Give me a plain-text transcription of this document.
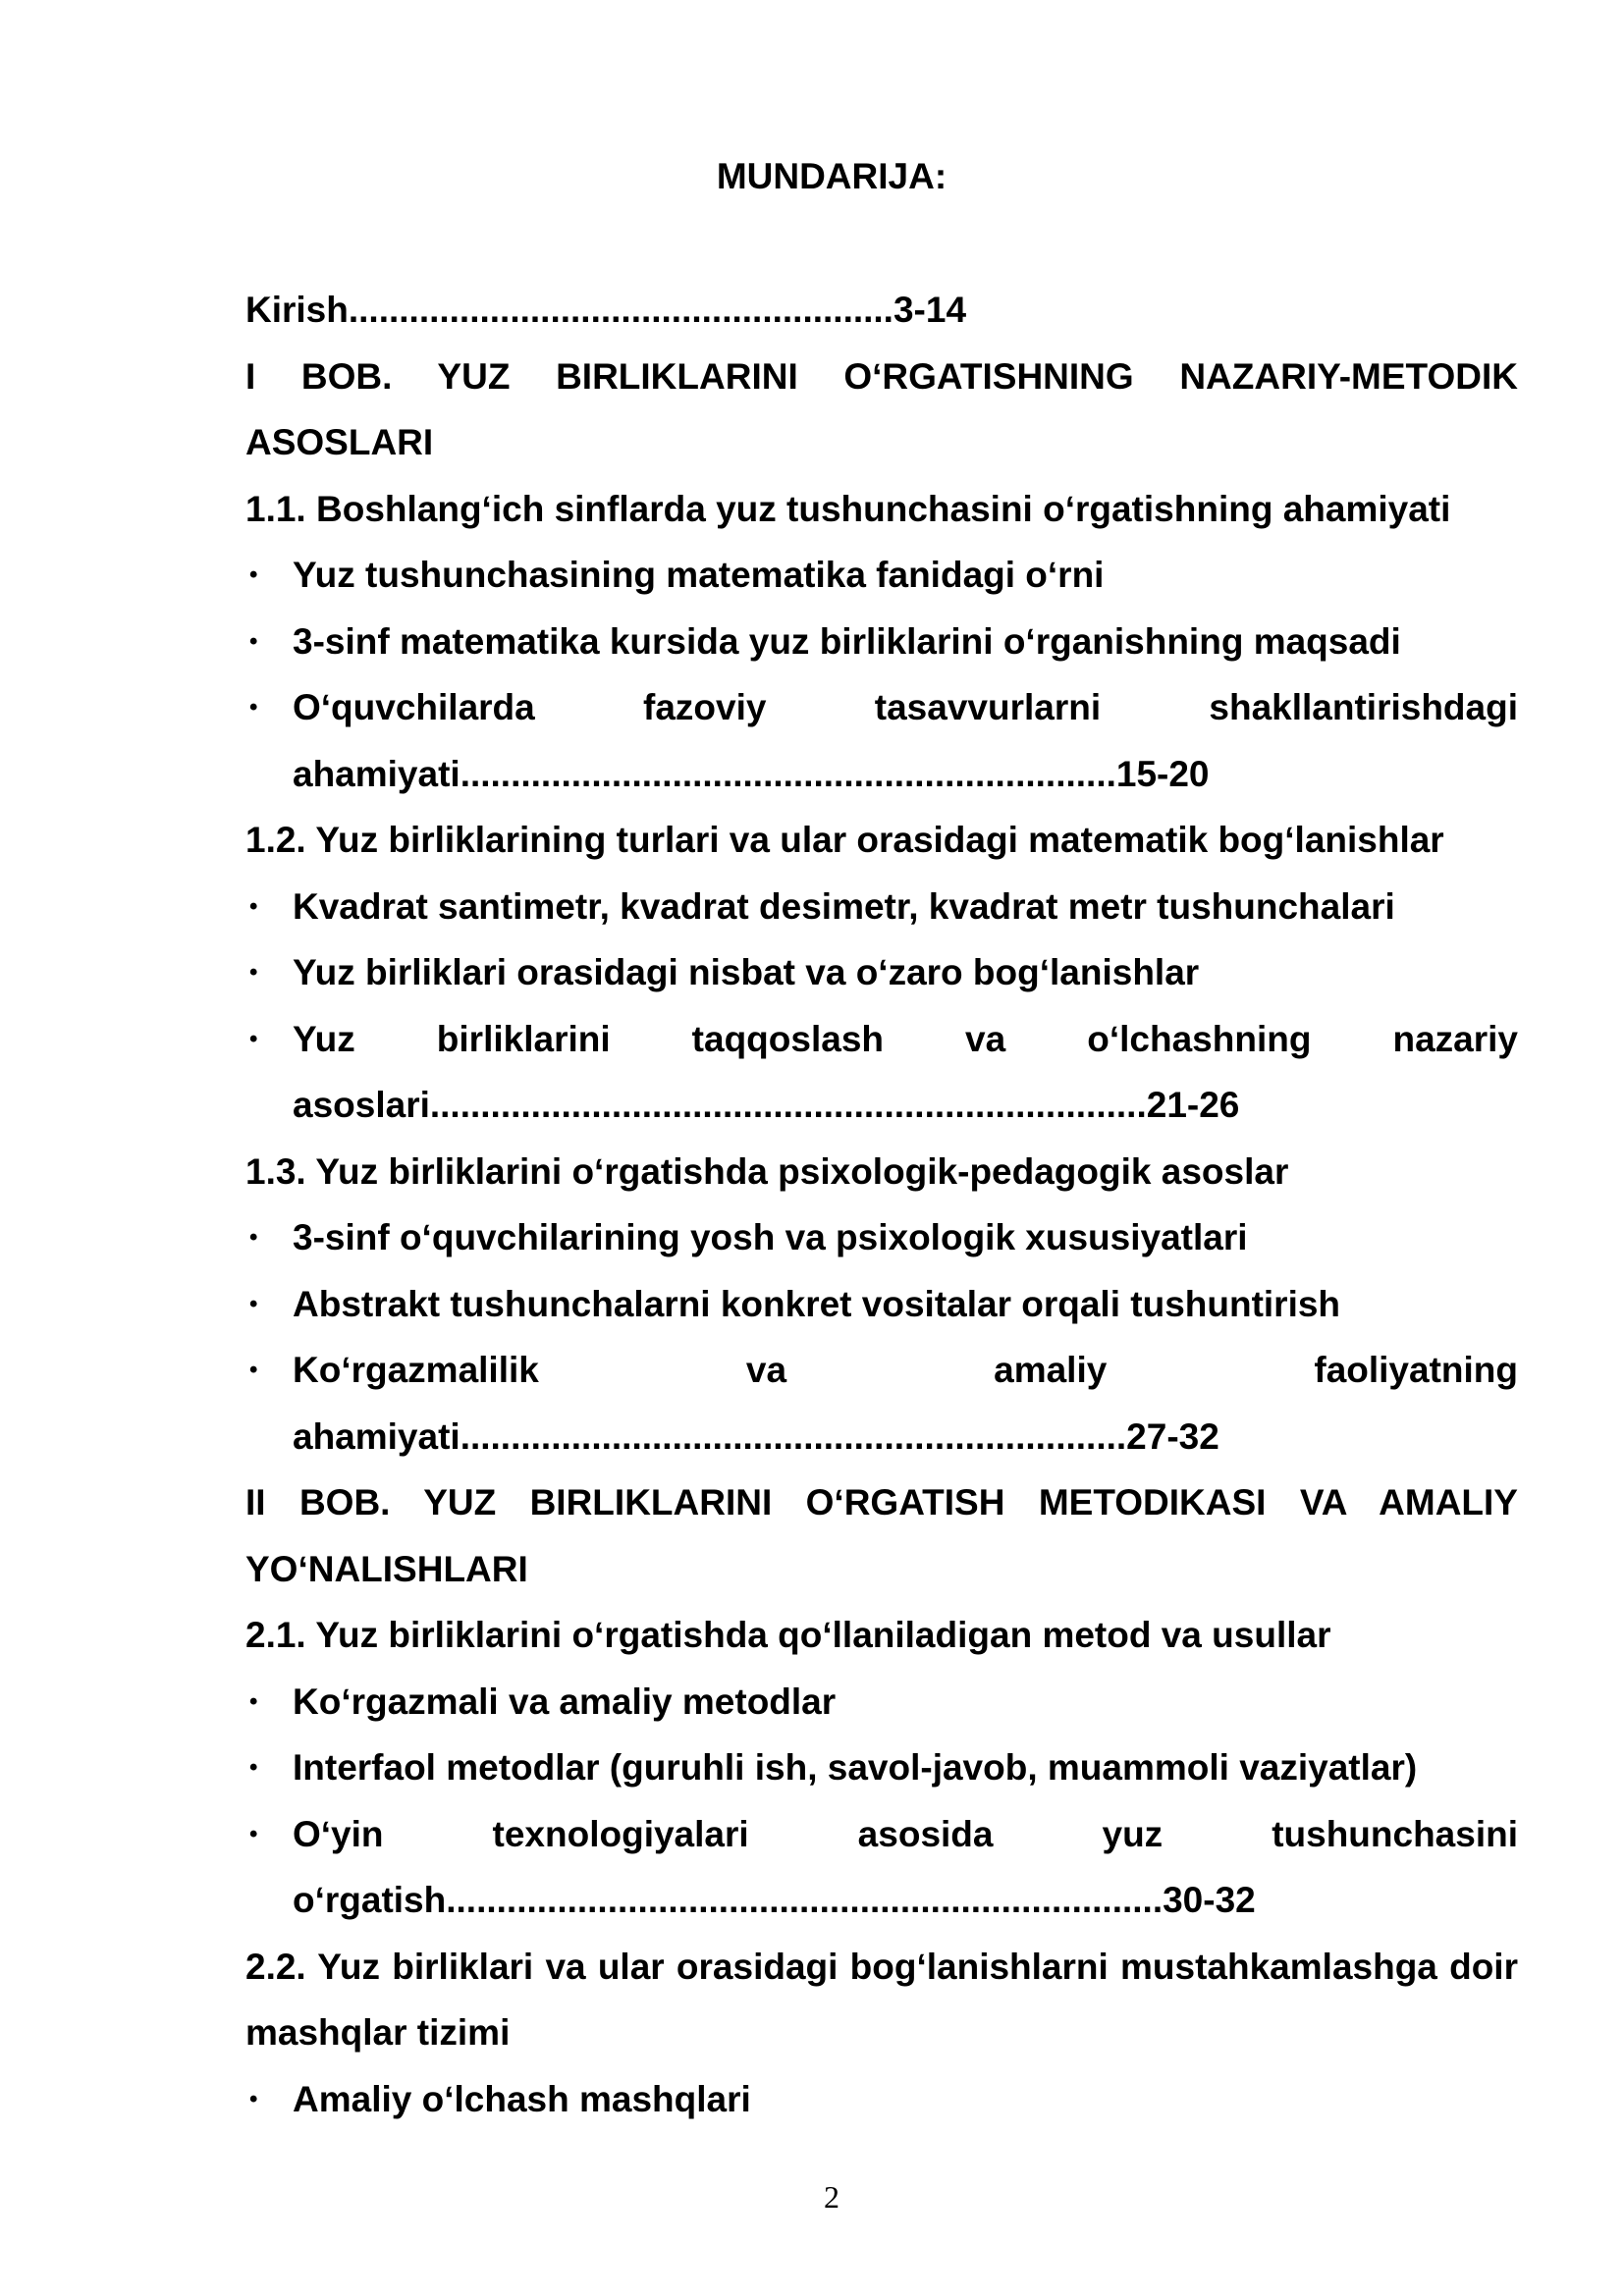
MUNDARIJA:

Kirish......................................................3-14

I BOB. YUZ BIRLIKLARINI O‘RGATISHNING NAZARIY-METODIK ASOSLARI

1.1. Boshlang‘ich sinflarda yuz tushunchasini o‘rgatishning ahamiyati

• Yuz tushunchasining matematika fanidagi o‘rni
• 3-sinf matematika kursida yuz birliklarini o‘rganishning maqsadi
• O‘quvchilarda fazoviy tasavvurlarni shakllantirishdagi
ahamiyati.................................................................15-20

1.2. Yuz birliklarining turlari va ular orasidagi matematik bog‘lanishlar

• Kvadrat santimetr, kvadrat desimetr, kvadrat metr tushunchalari
• Yuz birliklari orasidagi nisbat va o‘zaro bog‘lanishlar
• Yuz birliklarini taqqoslash va o‘lchashning nazariy
asoslari.......................................................................21-26

1.3. Yuz birliklarini o‘rgatishda psixologik-pedagogik asoslar

• 3-sinf o‘quvchilarining yosh va psixologik xususiyatlari
• Abstrakt tushunchalarni konkret vositalar orqali tushuntirish
• Ko‘rgazmalilik va amaliy faoliyatning
ahamiyati..................................................................27-32

II BOB. YUZ BIRLIKLARINI O‘RGATISH METODIKASI VA AMALIY YO‘NALISHLARI

2.1. Yuz birliklarini o‘rgatishda qo‘llaniladigan metod va usullar

• Ko‘rgazmali va amaliy metodlar
• Interfaol metodlar (guruhli ish, savol-javob, muammoli vaziyatlar)
• O‘yin texnologiyalari asosida yuz tushunchasini
o‘rgatish.......................................................................30-32

2.2. Yuz birliklari va ular orasidagi bog‘lanishlarni mustahkamlashga doir mashqlar tizimi

• Amaliy o‘lchash mashqlari
2
